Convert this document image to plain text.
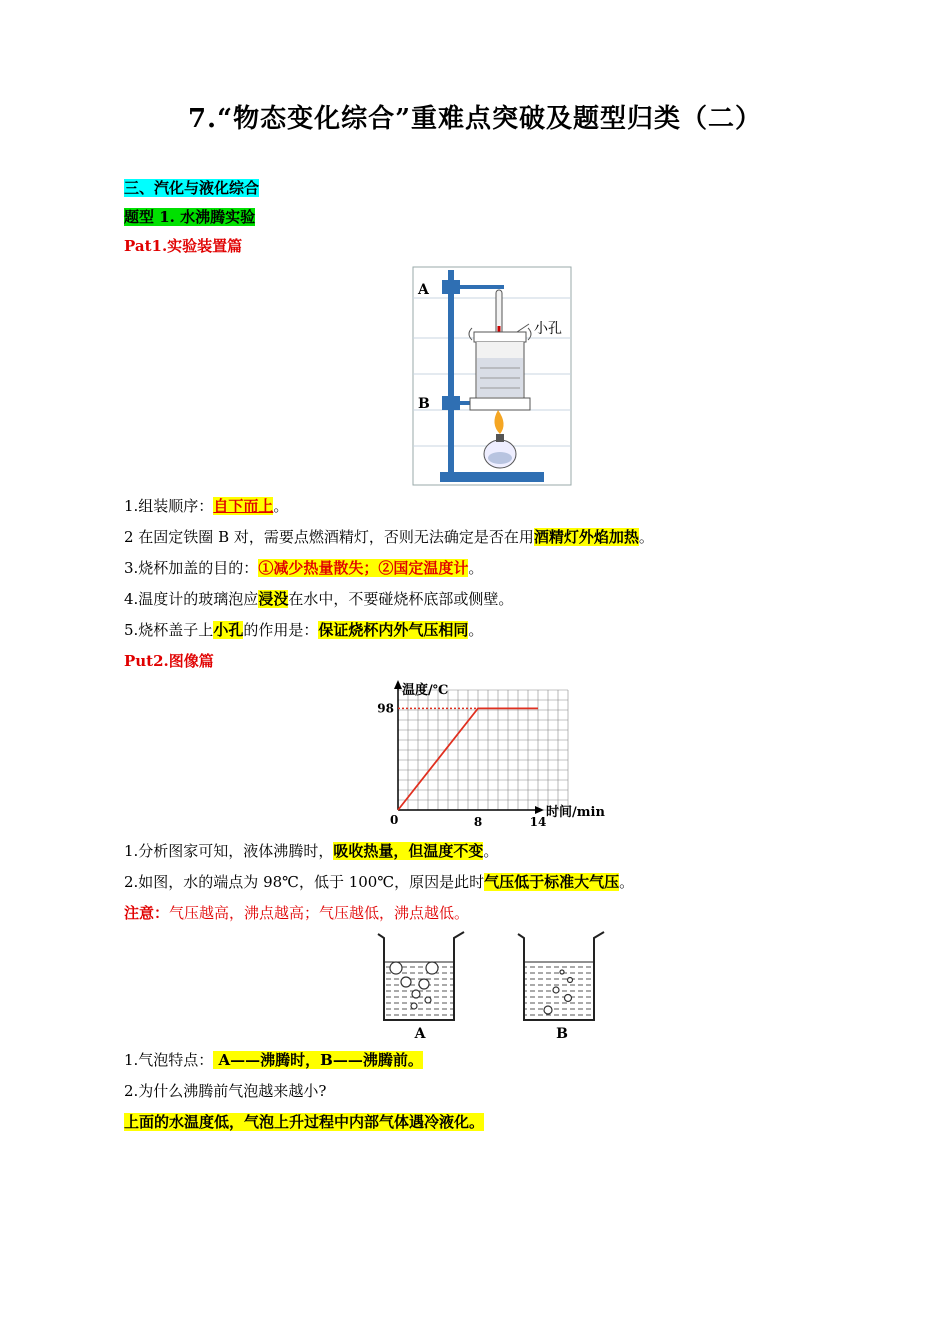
7.“物态变化综合”重难点突破及题型归类（二）
三、汽化与液化综合
题型 1. 水沸腾实验
Pat1.实验装置篇
A
B
小孔
1.组装顺序：自下而上。
2 在固定铁圈 B 对，需要点燃酒精灯，否则无法确定是否在用酒精灯外焰加热。
3.烧杯加盖的目的：①减少热量散失；②国定温度计。
4.温度计的玻璃泡应浸没在水中，不要碰烧杯底部或侧壁。
5.烧杯盖子上小孔的作用是：保证烧杯内外气压相同。
Put2.图像篇
温度/℃
时间/min
0
98
8	14
1.分析图家可知，液体沸腾时，吸收热量，但温度不变。
2.如图，水的端点为 98℃，低于 100℃，原因是此时气压低于标准大气压。
注意：气压越高，沸点越高；气压越低，沸点越低。
A	B
1.气泡特点： A——沸腾时，B——沸腾前。
2.为什么沸腾前气泡越来越小?
上面的水温度低，气泡上升过程中内部气体遇冷液化。
